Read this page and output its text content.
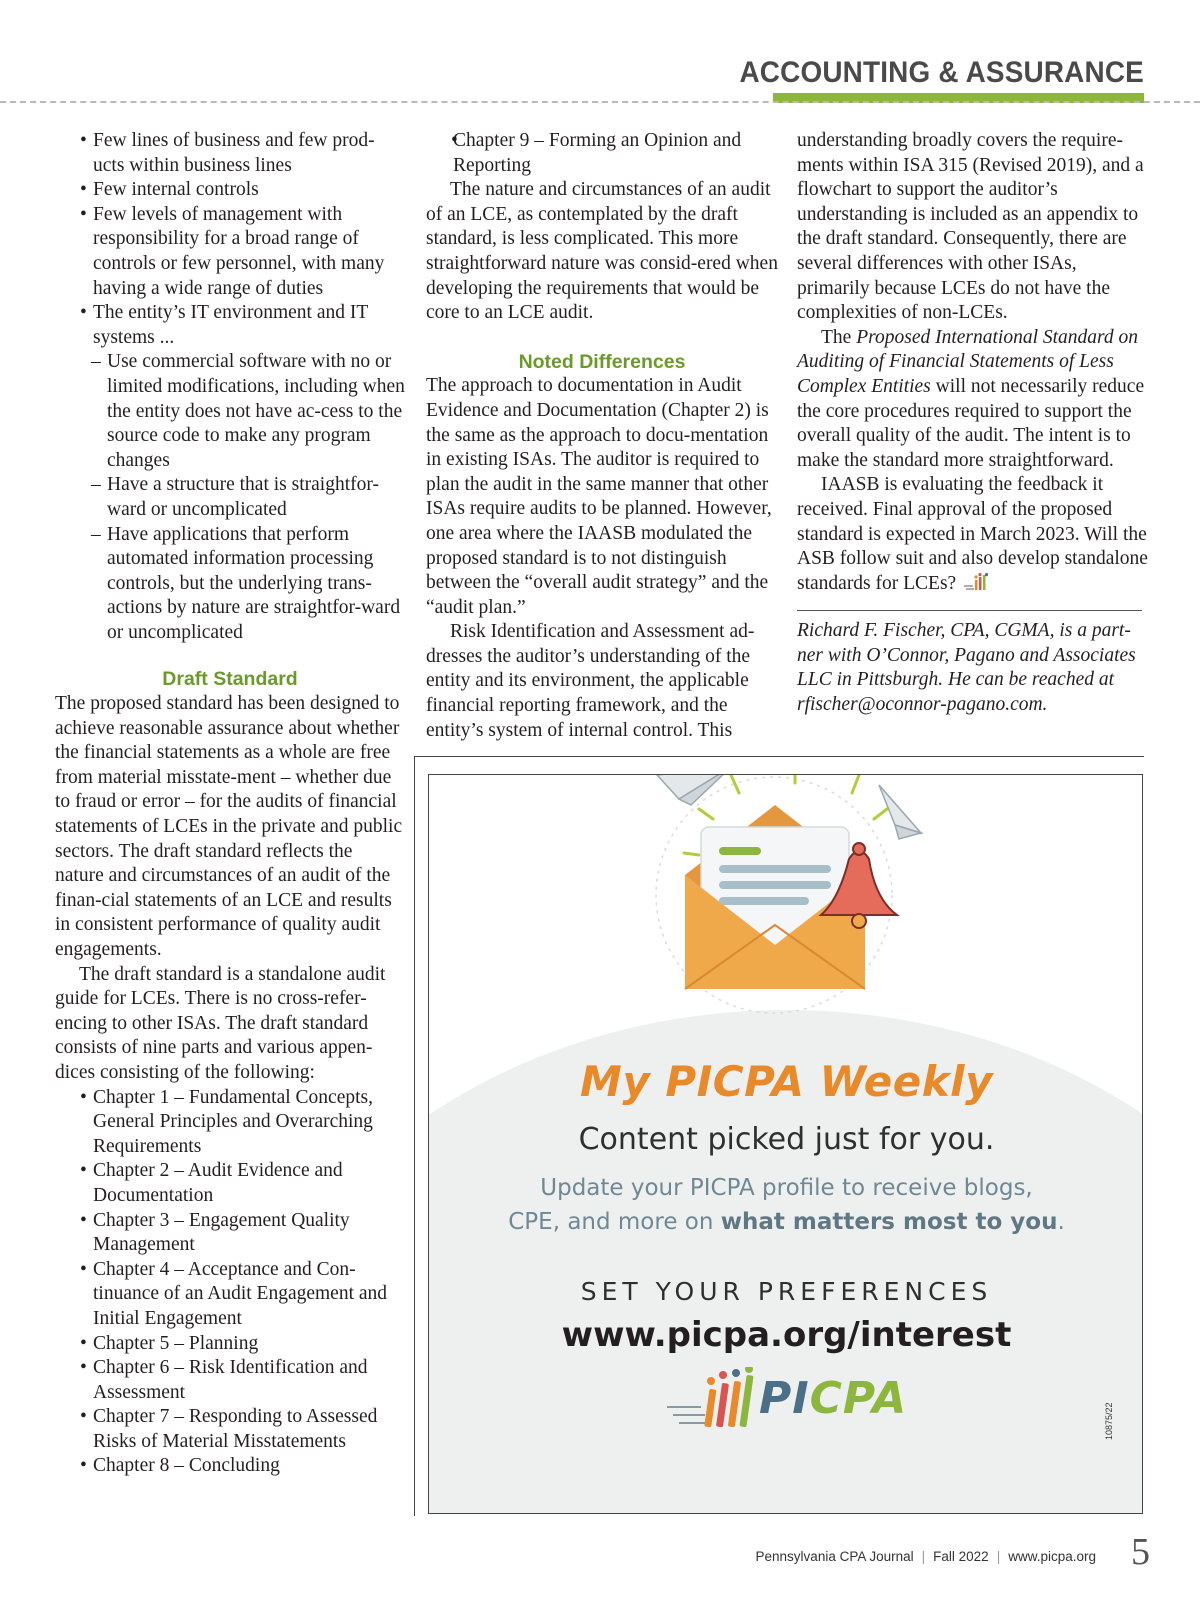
ACCOUNTING & ASSURANCE
• Few lines of business and few prod-ucts within business lines
• Few internal controls
• Few levels of management with responsibility for a broad range of controls or few personnel, with many having a wide range of duties
• The entity’s IT environment and IT systems ...
– Use commercial software with no or limited modifications, including when the entity does not have ac-cess to the source code to make any program changes
– Have a structure that is straightfor-ward or uncomplicated
– Have applications that perform automated information processing controls, but the underlying trans-actions by nature are straightfor-ward or uncomplicated
Draft Standard

The proposed standard has been designed to achieve reasonable assurance about whether the financial statements as a whole are free from material misstate-ment – whether due to fraud or error – for the audits of financial statements of LCEs in the private and public sectors. The draft standard reflects the nature and circumstances of an audit of the finan-cial statements of an LCE and results in consistent performance of quality audit engagements.

The draft standard is a standalone audit guide for LCEs. There is no cross-refer-encing to other ISAs. The draft standard consists of nine parts and various appen-dices consisting of the following:

• Chapter 1 – Fundamental Concepts, General Principles and Overarching Requirements
• Chapter 2 – Audit Evidence and Documentation
• Chapter 3 – Engagement Quality Management
• Chapter 4 – Acceptance and Con-tinuance of an Audit Engagement and Initial Engagement
• Chapter 5 – Planning
• Chapter 6 – Risk Identification and Assessment
• Chapter 7 – Responding to Assessed Risks of Material Misstatements
• Chapter 8 – Concluding
• Chapter 9 – Forming an Opinion and Reporting

The nature and circumstances of an audit of an LCE, as contemplated by the draft standard, is less complicated. This more straightforward nature was consid-ered when developing the requirements that would be core to an LCE audit.

Noted Differences

The approach to documentation in Audit Evidence and Documentation (Chapter 2) is the same as the approach to docu-mentation in existing ISAs. The auditor is required to plan the audit in the same manner that other ISAs require audits to be planned. However, one area where the IAASB modulated the proposed standard is to not distinguish between the “overall audit strategy” and the “audit plan.”

Risk Identification and Assessment ad-dresses the auditor’s understanding of the entity and its environment, the applicable financial reporting framework, and the entity’s system of internal control. This

understanding broadly covers the require-ments within ISA 315 (Revised 2019), and a flowchart to support the auditor’s understanding is included as an appendix to the draft standard. Consequently, there are several differences with other ISAs, primarily because LCEs do not have the complexities of non-LCEs.

The Proposed International Standard on Auditing of Financial Statements of Less Complex Entities will not necessarily reduce the core procedures required to support the overall quality of the audit. The intent is to make the standard more straightforward.

IAASB is evaluating the feedback it received. Final approval of the proposed standard is expected in March 2023. Will the ASB follow suit and also develop standalone standards for LCEs?

Richard F. Fischer, CPA, CGMA, is a part-ner with O’Connor, Pagano and Associates LLC in Pittsburgh. He can be reached at rfischer@oconnor-pagano.com.

My PICPA Weekly
Content picked just for you.
Update your PICPA profile to receive blogs,
CPE, and more on what matters most to you.
SET YOUR PREFERENCES
www.picpa.org/interest
PICPA	10875/22
Pennsylvania CPA Journal | Fall 2022 | www.picpa.org 5
